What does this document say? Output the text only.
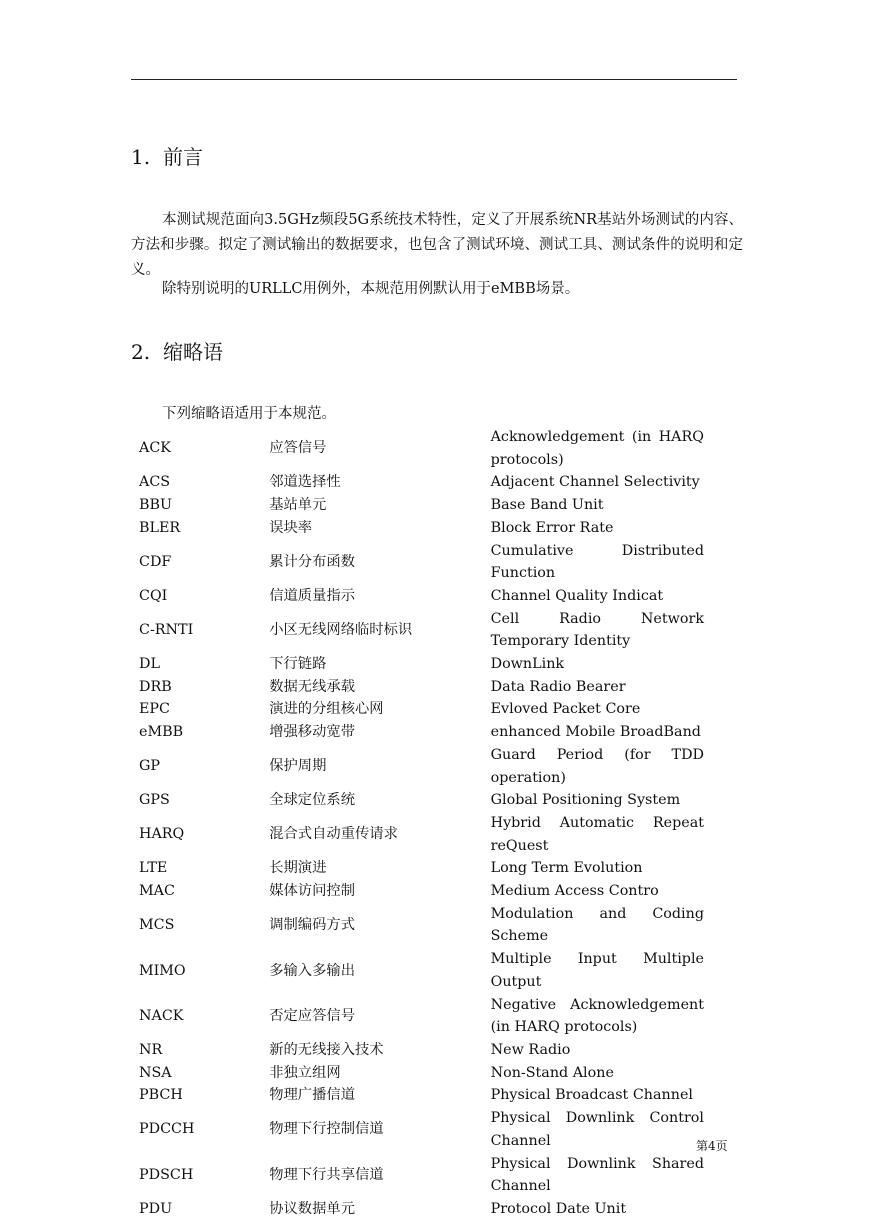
1. 前言

本测试规范面向3.5GHz频段5G系统技术特性，定义了开展系统NR基站外场测试的内容、方法和步骤。拟定了测试输出的数据要求，也包含了测试环境、测试工具、测试条件的说明和定义。

除特别说明的URLLC用例外，本规范用例默认用于eMBB场景。

2. 缩略语

下列缩略语适用于本规范。

ACK	应答信号	Acknowledgement (in HARQ protocols)
ACS	邻道选择性	Adjacent Channel Selectivity
BBU	基站单元	Base Band Unit
BLER	误块率	Block Error Rate
CDF	累计分布函数	Cumulative Distributed Function
CQI	信道质量指示	Channel Quality Indicat
C-RNTI	小区无线网络临时标识	Cell Radio Network Temporary Identity
DL	下行链路	DownLink
DRB	数据无线承载	Data Radio Bearer
EPC	演进的分组核心网	Evloved Packet Core
eMBB	增强移动宽带	enhanced Mobile BroadBand
GP	保护周期	Guard Period (for TDD operation)
GPS	全球定位系统	Global Positioning System
HARQ	混合式自动重传请求	Hybrid Automatic Repeat reQuest
LTE	长期演进	Long Term Evolution
MAC	媒体访问控制	Medium Access Contro
MCS	调制编码方式	Modulation and Coding Scheme
MIMO	多输入多输出	Multiple Input Multiple Output
NACK	否定应答信号	Negative Acknowledgement (in HARQ protocols)
NR	新的无线接入技术	New Radio
NSA	非独立组网	Non-Stand Alone
PBCH	物理广播信道	Physical Broadcast Channel
PDCCH	物理下行控制信道	Physical Downlink Control Channel
PDSCH	物理下行共享信道	Physical Downlink Shared Channel
PDU	协议数据单元	Protocol Date Unit
第4页
